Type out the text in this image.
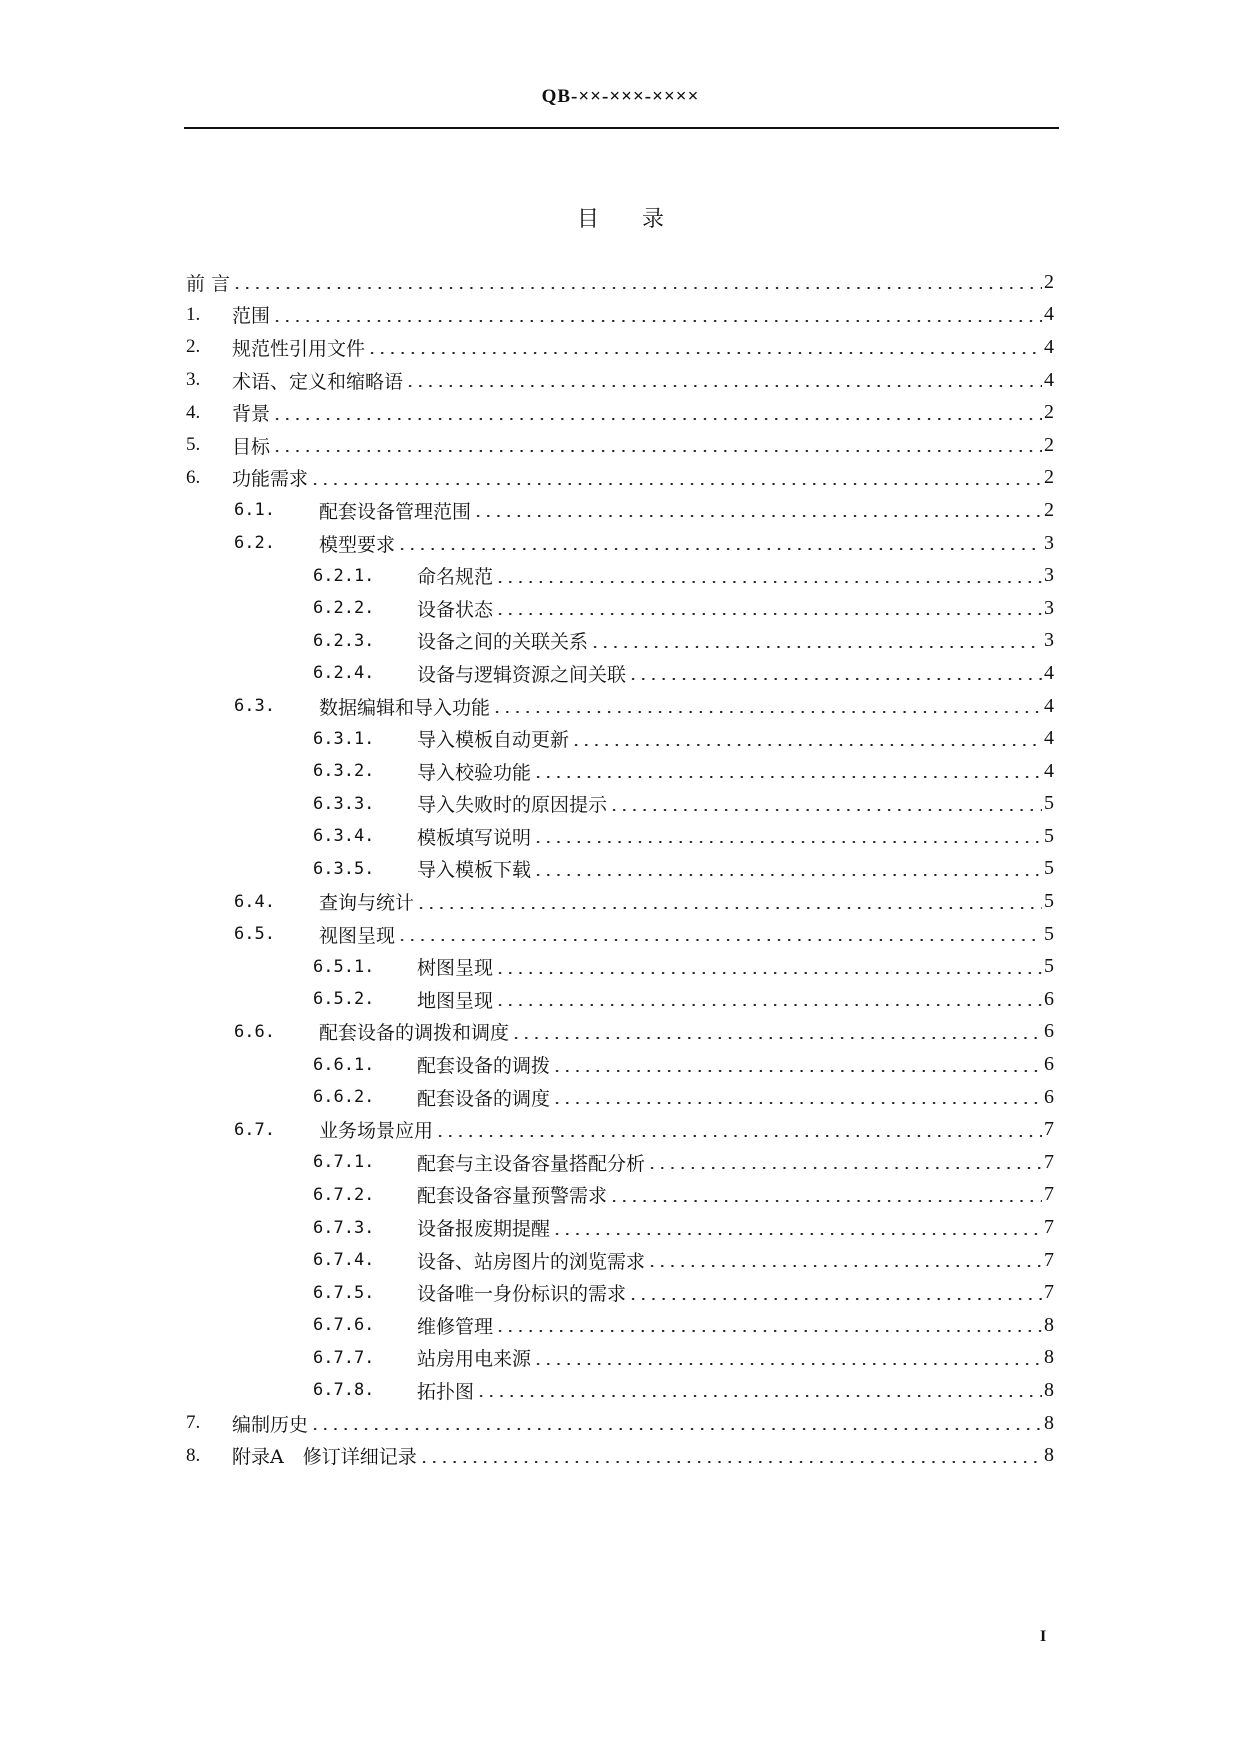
QB-××-×××-××××
目 录
前 言	2
1.	范围	4
2.	规范性引用文件	4
3.	术语、定义和缩略语	4
4.	背景	2
5.	目标	2
6.	功能需求	2
6.1.	配套设备管理范围	2
6.2.	模型要求	3
6.2.1.	命名规范	3
6.2.2.	设备状态	3
6.2.3.	设备之间的关联关系	3
6.2.4.	设备与逻辑资源之间关联	4
6.3.	数据编辑和导入功能	4
6.3.1.	导入模板自动更新	4
6.3.2.	导入校验功能	4
6.3.3.	导入失败时的原因提示	5
6.3.4.	模板填写说明	5
6.3.5.	导入模板下载	5
6.4.	查询与统计	5
6.5.	视图呈现	5
6.5.1.	树图呈现	5
6.5.2.	地图呈现	6
6.6.	配套设备的调拨和调度	6
6.6.1.	配套设备的调拨	6
6.6.2.	配套设备的调度	6
6.7.	业务场景应用	7
6.7.1.	配套与主设备容量搭配分析	7
6.7.2.	配套设备容量预警需求	7
6.7.3.	设备报废期提醒	7
6.7.4.	设备、站房图片的浏览需求	7
6.7.5.	设备唯一身份标识的需求	7
6.7.6.	维修管理	8
6.7.7.	站房用电来源	8
6.7.8.	拓扑图	8
7.	编制历史	8
8.	附录A　修订详细记录	8
I
